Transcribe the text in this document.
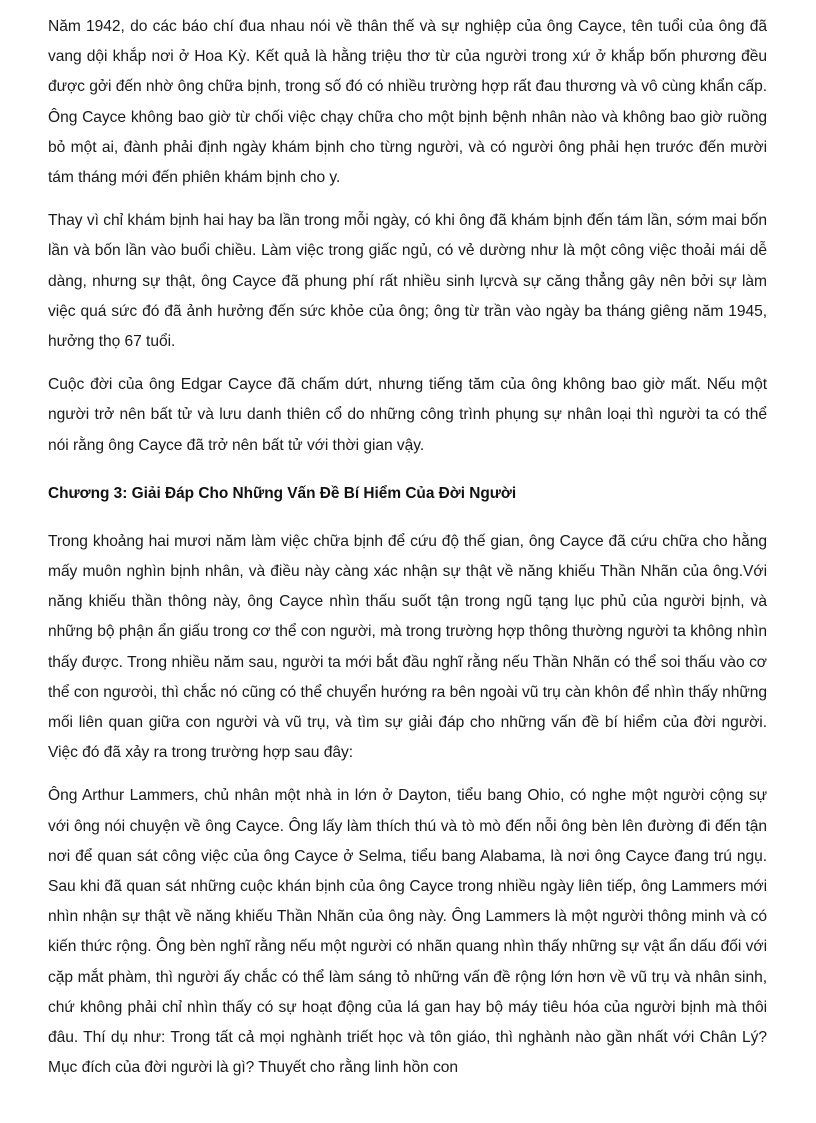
Năm 1942, do các báo chí đua nhau nói về thân thế và sự nghiệp của ông Cayce, tên tuổi của ông đã vang dội khắp nơi ở Hoa Kỳ. Kết quả là hằng triệu thơ từ của người trong xứ ở khắp bốn phương đều được gởi đến nhờ ông chữa bịnh, trong số đó có nhiều trường hợp rất đau thương và vô cùng khẩn cấp. Ông Cayce không bao giờ từ chối việc chạy chữa cho một bịnh bệnh nhân nào và không bao giờ ruồng bỏ một ai, đành phải định ngày khám bịnh cho từng người, và có người ông phải hẹn trước đến mười tám tháng mới đến phiên khám bịnh cho y.

Thay vì chỉ khám bịnh hai hay ba lần trong mỗi ngày, có khi ông đã khám bịnh đến tám lần, sớm mai bốn lần và bốn lần vào buổi chiều. Làm việc trong giấc ngủ, có vẻ dường như là một công việc thoải mái dễ dàng, nhưng sự thật, ông Cayce đã phung phí rất nhiều sinh lựcvà sự căng thẳng gây nên bởi sự làm việc quá sức đó đã ảnh hưởng đến sức khỏe của ông; ông từ trần vào ngày ba tháng giêng năm 1945, hưởng thọ 67 tuổi.

Cuộc đời của ông Edgar Cayce đã chấm dứt, nhưng tiếng tăm của ông không bao giờ mất. Nếu một người trở nên bất tử và lưu danh thiên cổ do những công trình phụng sự nhân loại thì người ta có thể nói rằng ông Cayce đã trở nên bất tử với thời gian vậy.

Chương 3: Giải Đáp Cho Những Vấn Đề Bí Hiểm Của Đời Người

Trong khoảng hai mươi năm làm việc chữa bịnh để cứu độ thế gian, ông Cayce đã cứu chữa cho hằng mấy muôn nghìn bịnh nhân, và điều này càng xác nhận sự thật về năng khiếu Thần Nhãn của ông.Với năng khiếu thần thông này, ông Cayce nhìn thấu suốt tận trong ngũ tạng lục phủ của người bịnh, và những bộ phận ẩn giấu trong cơ thể con người, mà trong trường hợp thông thường người ta không nhìn thấy được. Trong nhiều năm sau, người ta mới bắt đầu nghĩ rằng nếu Thần Nhãn có thể soi thấu vào cơ thể con ngươòi, thì chắc nó cũng có thể chuyển hướng ra bên ngoài vũ trụ càn khôn để nhìn thấy những mối liên quan giữa con người và vũ trụ, và tìm sự giải đáp cho những vấn đề bí hiểm của đời người. Việc đó đã xảy ra trong trường hợp sau đây:

Ông Arthur Lammers, chủ nhân một nhà in lớn ở Dayton, tiểu bang Ohio, có nghe một người cộng sự với ông nói chuyện về ông Cayce. Ông lấy làm thích thú và tò mò đến nỗi ông bèn lên đường đi đến tận nơi để quan sát công việc của ông Cayce ở Selma, tiểu bang Alabama, là nơi ông Cayce đang trú ngụ. Sau khi đã quan sát những cuộc khán bịnh của ông Cayce trong nhiều ngày liên tiếp, ông Lammers mới nhìn nhận sự thật về năng khiếu Thần Nhãn của ông này. Ông Lammers là một người thông minh và có kiến thức rộng. Ông bèn nghĩ rằng nếu một người có nhãn quang nhìn thấy những sự vật ẩn dấu đối với cặp mắt phàm, thì người ấy chắc có thể làm sáng tỏ những vấn đề rộng lớn hơn về vũ trụ và nhân sinh, chứ không phải chỉ nhìn thấy có sự hoạt động của lá gan hay bộ máy tiêu hóa của người bịnh mà thôi đâu. Thí dụ như: Trong tất cả mọi nghành triết học và tôn giáo, thì nghành nào gần nhất với Chân Lý? Mục đích của đời người là gì? Thuyết cho rằng linh hồn con
